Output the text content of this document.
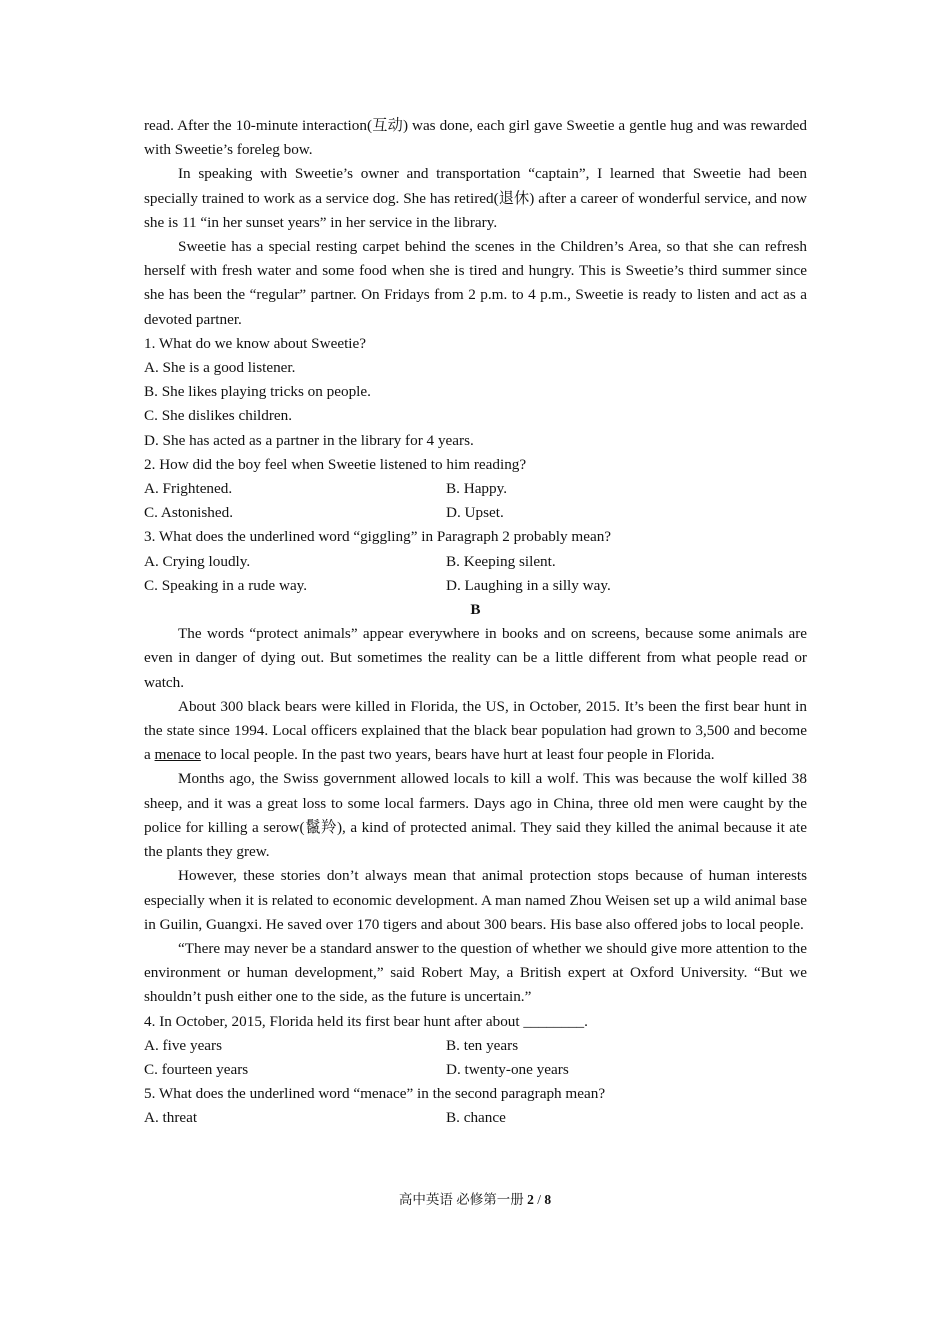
read. After the 10-minute interaction(互动) was done, each girl gave Sweetie a gentle hug and was rewarded with Sweetie’s foreleg bow.

In speaking with Sweetie’s owner and transportation “captain”, I learned that Sweetie had been specially trained to work as a service dog. She has retired(退休) after a career of wonderful service, and now she is 11 “in her sunset years” in her service in the library.

Sweetie has a special resting carpet behind the scenes in the Children’s Area, so that she can refresh herself with fresh water and some food when she is tired and hungry. This is Sweetie’s third summer since she has been the “regular” partner. On Fridays from 2 p.m. to 4 p.m., Sweetie is ready to listen and act as a devoted partner.

1. What do we know about Sweetie?

A. She is a good listener.

B. She likes playing tricks on people.

C. She dislikes children.

D. She has acted as a partner in the library for 4 years.

2. How did the boy feel when Sweetie listened to him reading?

A. Frightened.	B. Happy.
C. Astonished.	D. Upset.

3. What does the underlined word “giggling” in Paragraph 2 probably mean?

A. Crying loudly.	B. Keeping silent.
C. Speaking in a rude way.	D. Laughing in a silly way.

B

The words “protect animals” appear everywhere in books and on screens, because some animals are even in danger of dying out. But sometimes the reality can be a little different from what people read or watch.

About 300 black bears were killed in Florida, the US, in October, 2015. It’s been the first bear hunt in the state since 1994. Local officers explained that the black bear population had grown to 3,500 and become a menace to local people. In the past two years, bears have hurt at least four people in Florida.

Months ago, the Swiss government allowed locals to kill a wolf. This was because the wolf killed 38 sheep, and it was a great loss to some local farmers. Days ago in China, three old men were caught by the police for killing a serow(鬣羚), a kind of protected animal. They said they killed the animal because it ate the plants they grew.

However, these stories don’t always mean that animal protection stops because of human interests especially when it is related to economic development. A man named Zhou Weisen set up a wild animal base in Guilin, Guangxi. He saved over 170 tigers and about 300 bears. His base also offered jobs to local people.

“There may never be a standard answer to the question of whether we should give more attention to the environment or human development,” said Robert May, a British expert at Oxford University. “But we shouldn’t push either one to the side, as the future is uncertain.”

4. In October, 2015, Florida held its first bear hunt after about ________.

A. five years	B. ten years
C. fourteen years	D. twenty-one years

5. What does the underlined word “menace” in the second paragraph mean?

A. threat	B. chance
高中英语 必修第一册 2 / 8
